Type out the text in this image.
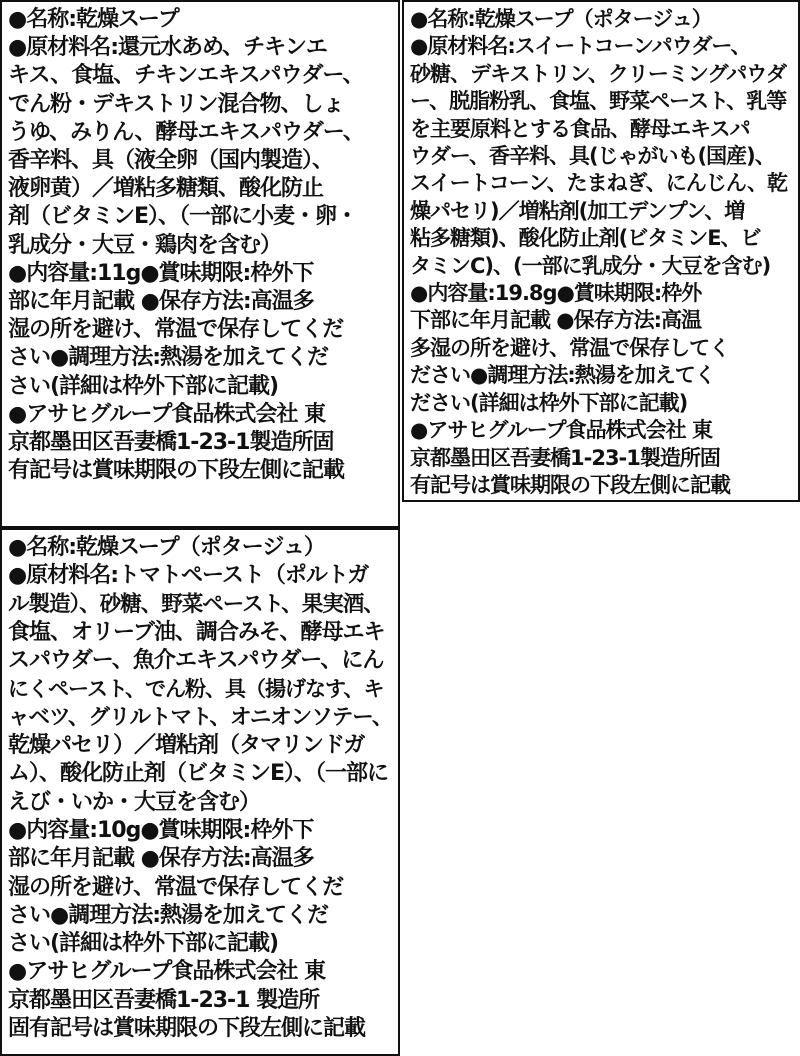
●名称:乾燥スープ
●原材料名:還元水あめ、チキンエ
キス、食塩、チキンエキスパウダー、
でん粉・デキストリン混合物、しょ
うゆ、みりん、酵母エキスパウダー、
香辛料、具（液全卵（国内製造）、
液卵黄）／増粘多糖類、酸化防止
剤（ビタミンE）、（一部に小麦・卵・
乳成分・大豆・鶏肉を含む）
●内容量:11g●賞味期限:枠外下
部に年月記載 ●保存方法:高温多
湿の所を避け、常温で保存してくだ
さい●調理方法:熱湯を加えてくだ
さい(詳細は枠外下部に記載)
●アサヒグループ食品株式会社 東
京都墨田区吾妻橋1-23-1製造所固
有記号は賞味期限の下段左側に記載
●名称:乾燥スープ（ポタージュ）
●原材料名:スイートコーンパウダー、
砂糖、デキストリン、クリーミングパウダ
ー、脱脂粉乳、食塩、野菜ペースト、乳等
を主要原料とする食品、酵母エキスパ
ウダー、香辛料、具(じゃがいも(国産)、
スイートコーン、たまねぎ、にんじん、乾
燥パセリ)／増粘剤(加工デンプン、増
粘多糖類)、酸化防止剤(ビタミンE、ビ
タミンC)、(一部に乳成分・大豆を含む)
●内容量:19.8g●賞味期限:枠外
下部に年月記載 ●保存方法:高温
多湿の所を避け、常温で保存してく
ださい●調理方法:熱湯を加えてく
ださい(詳細は枠外下部に記載)
●アサヒグループ食品株式会社 東
京都墨田区吾妻橋1-23-1製造所固
有記号は賞味期限の下段左側に記載
●名称:乾燥スープ（ポタージュ）
●原材料名:トマトペースト（ポルトガ
ル製造）、砂糖、野菜ペースト、果実酒、
食塩、オリーブ油、調合みそ、酵母エキ
スパウダー、魚介エキスパウダー、にん
にくペースト、でん粉、具（揚げなす、キ
ャベツ、グリルトマト、オニオンソテー、
乾燥パセリ）／増粘剤（タマリンドガ
ム）、酸化防止剤（ビタミンE）、（一部に
えび・いか・大豆を含む）
●内容量:10g●賞味期限:枠外下
部に年月記載 ●保存方法:高温多
湿の所を避け、常温で保存してくだ
さい●調理方法:熱湯を加えてくだ
さい(詳細は枠外下部に記載)
●アサヒグループ食品株式会社 東
京都墨田区吾妻橋1-23-1 製造所
固有記号は賞味期限の下段左側に記載
